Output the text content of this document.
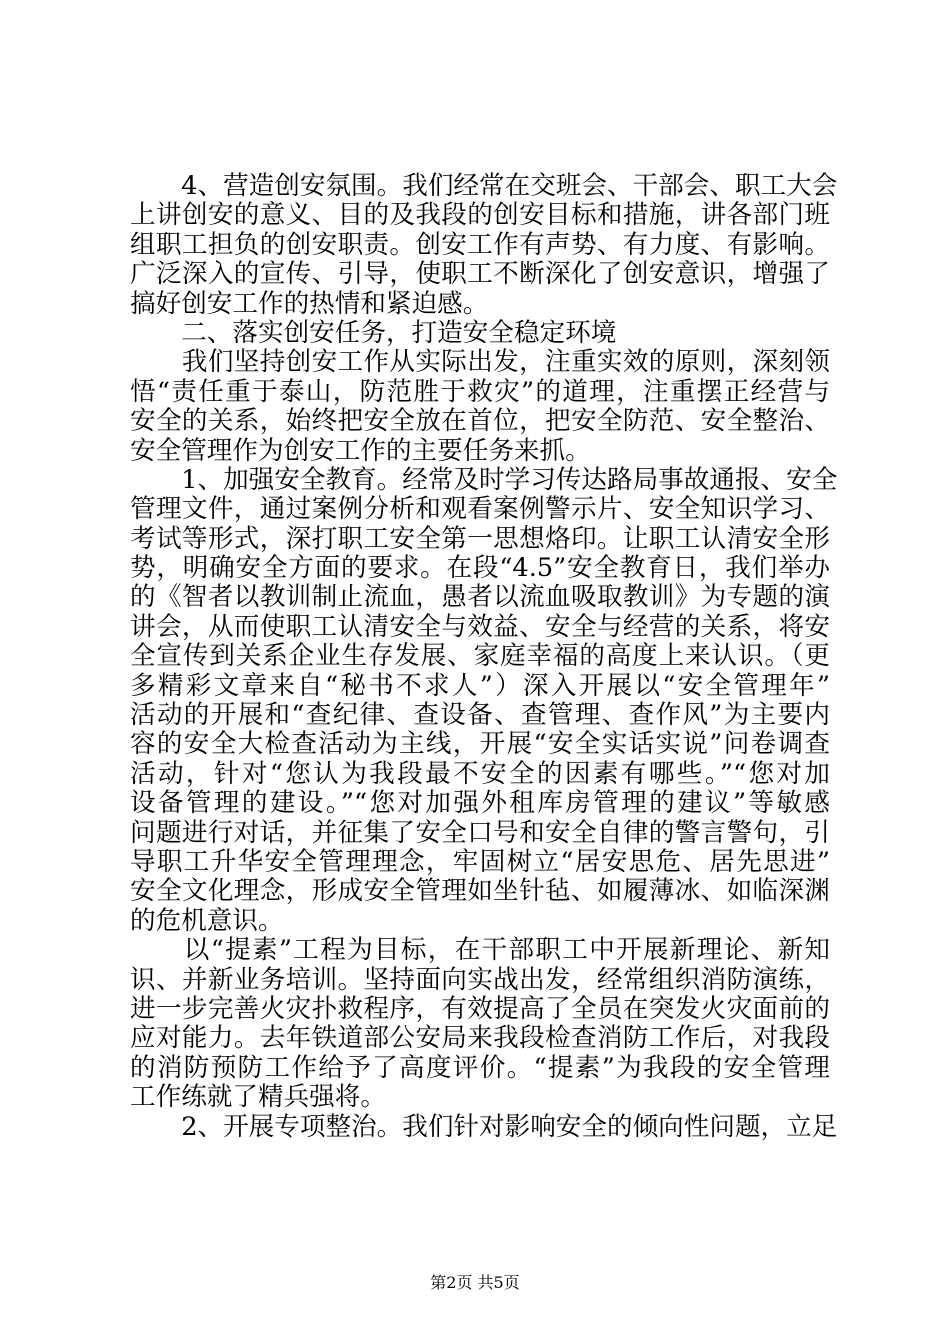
　　4、营造创安氛围。我们经常在交班会、干部会、职工大会
上讲创安的意义、目的及我段的创安目标和措施，讲各部门班
组职工担负的创安职责。创安工作有声势、有力度、有影响。
广泛深入的宣传、引导，使职工不断深化了创安意识，增强了
搞好创安工作的热情和紧迫感。
　　二、落实创安任务，打造安全稳定环境
　　我们坚持创安工作从实际出发，注重实效的原则，深刻领
悟“责任重于泰山，防范胜于救灾”的道理，注重摆正经营与
安全的关系，始终把安全放在首位，把安全防范、安全整治、
安全管理作为创安工作的主要任务来抓。
　　1、加强安全教育。经常及时学习传达路局事故通报、安全
管理文件，通过案例分析和观看案例警示片、安全知识学习、
考试等形式，深打职工安全第一思想烙印。让职工认清安全形
势，明确安全方面的要求。在段“4.5”安全教育日，我们举办
的《智者以教训制止流血，愚者以流血吸取教训》为专题的演
讲会，从而使职工认清安全与效益、安全与经营的关系，将安
全宣传到关系企业生存发展、家庭幸福的高度上来认识。（更
多精彩文章来自“秘书不求人”）深入开展以“安全管理年”
活动的开展和“查纪律、查设备、查管理、查作风”为主要内
容的安全大检查活动为主线，开展“安全实话实说”问卷调查
活动，针对“您认为我段最不安全的因素有哪些。”“您对加
设备管理的建设。”“您对加强外租库房管理的建议”等敏感
问题进行对话，并征集了安全口号和安全自律的警言警句，引
导职工升华安全管理理念，牢固树立“居安思危、居先思进”
安全文化理念，形成安全管理如坐针毡、如履薄冰、如临深渊
的危机意识。
　　以“提素”工程为目标，在干部职工中开展新理论、新知
识、并新业务培训。坚持面向实战出发，经常组织消防演练，
进一步完善火灾扑救程序，有效提高了全员在突发火灾面前的
应对能力。去年铁道部公安局来我段检查消防工作后，对我段
的消防预防工作给予了高度评价。“提素”为我段的安全管理
工作练就了精兵强将。
　　2、开展专项整治。我们针对影响安全的倾向性问题，立足
第2页 共5页
